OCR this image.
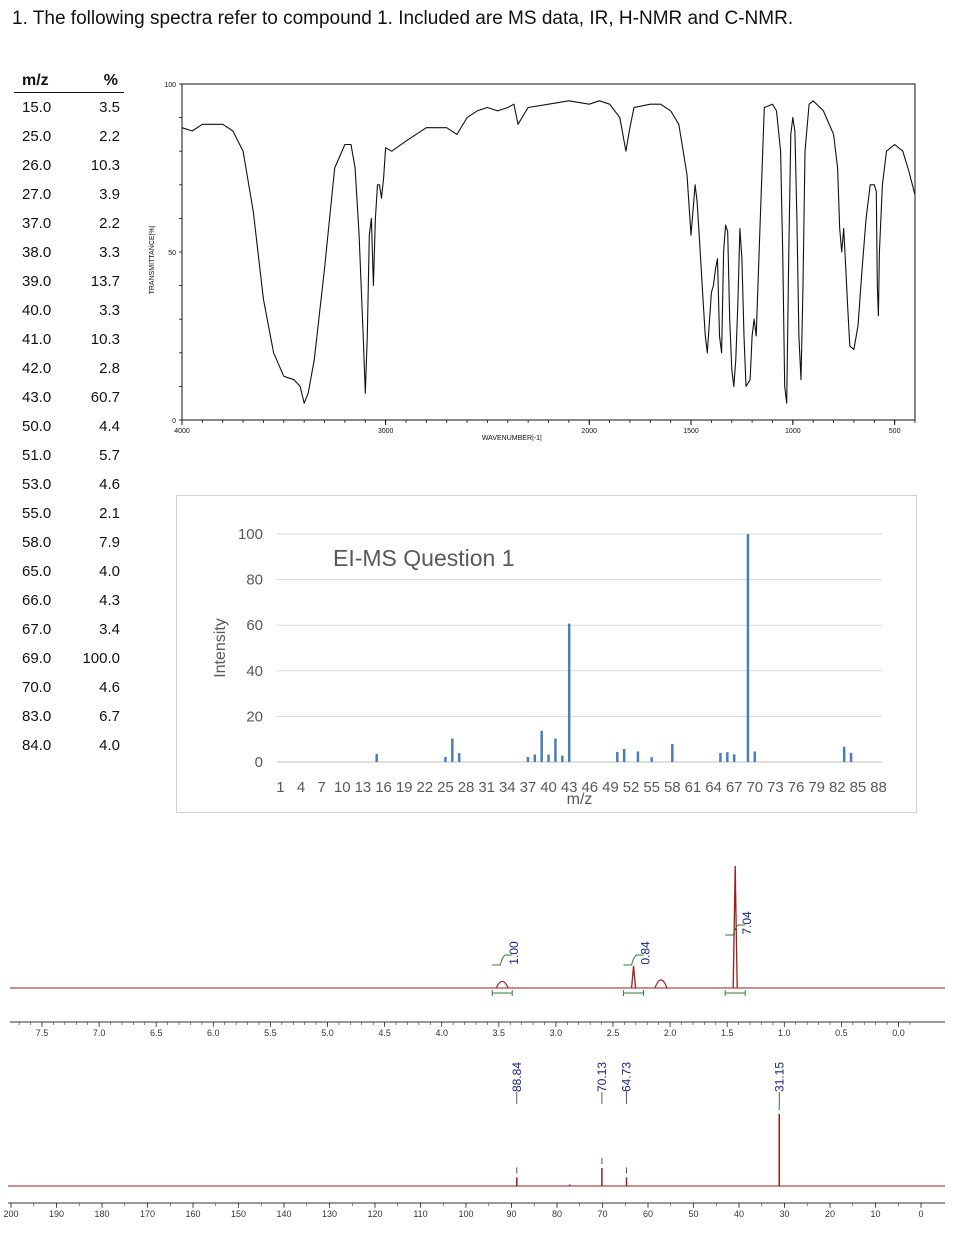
1. The following spectra refer to compound 1. Included are MS data, IR, H-NMR and C-NMR.
m/z	%
15.0	3.5
25.0	2.2
26.0	10.3
27.0	3.9
37.0	2.2
38.0	3.3
39.0	13.7
40.0	3.3
41.0	10.3
42.0	2.8
43.0	60.7
50.0	4.4
51.0	5.7
53.0	4.6
55.0	2.1
58.0	7.9
65.0	4.0
66.0	4.3
67.0	3.4
69.0	100.0
70.0	4.6
83.0	6.7
84.0	4.0
4000	3000	2000	1500	1000	500
0
50
100
WAVENUMBER|-1|
TRANSMITTANCE|%|
0
20
40
60
80
100
1 4 7 10 13 16 19 22 25 28 31 34 37 40 43 46 49 52 55 58 61 64 67 70 73 76 79 82 85 88
EI-MS Question 1
m/z
Intensity
1.00	0.84
7.04
7.5	7.0	6.5	6.0	5.5	5.0	4.5	4.0	3.5	3.0	2.5	2.0	1.5	1.0	0.5	0.0
88.84	70.13 64.73	31.15
200	190	180	170	160	150	140	130	120	110	100	90	80	70	60	50	40	30	20	10	0
